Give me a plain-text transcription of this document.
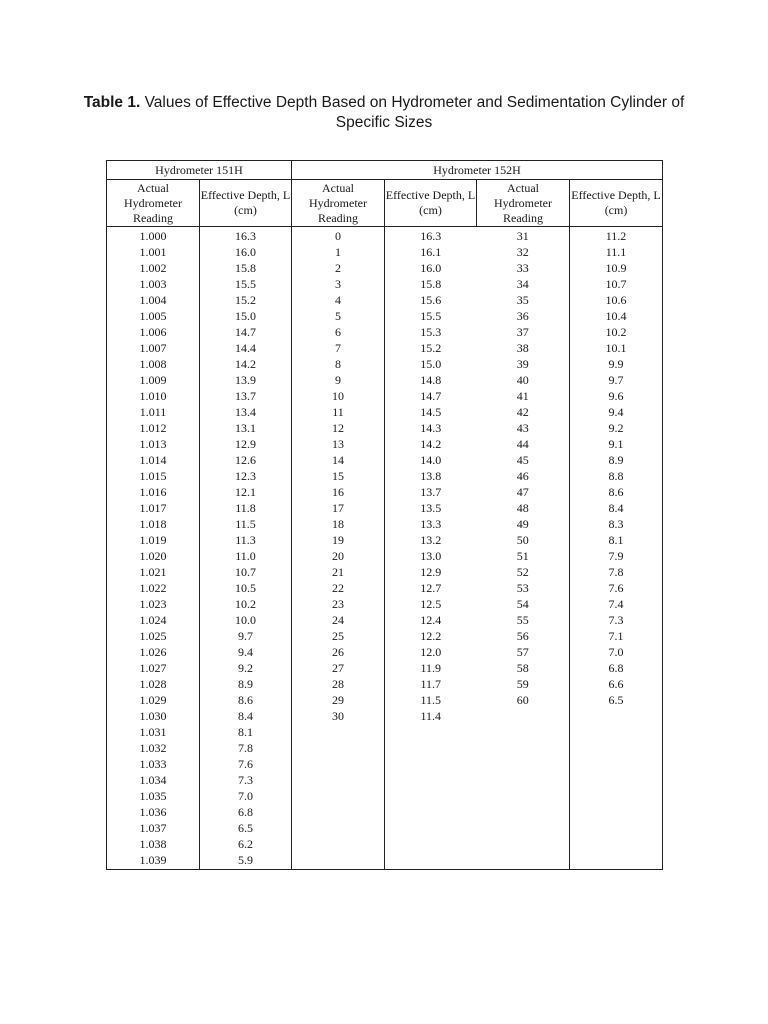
Table 1. Values of Effective Depth Based on Hydrometer and Sedimentation Cylinder of Specific Sizes
Hydrometer 151H		Hydrometer 152H			
Actual Hydrometer Reading	Effective Depth, L (cm)	Actual Hydrometer Reading	Effective Depth, L (cm)	Actual Hydrometer Reading	Effective Depth, L (cm)
1.000	16.3	0	16.3	31	11.2
1.001	16.0	1	16.1	32	11.1
1.002	15.8	2	16.0	33	10.9
1.003	15.5	3	15.8	34	10.7
1.004	15.2	4	15.6	35	10.6
1.005	15.0	5	15.5	36	10.4
1.006	14.7	6	15.3	37	10.2
1.007	14.4	7	15.2	38	10.1
1.008	14.2	8	15.0	39	9.9
1.009	13.9	9	14.8	40	9.7
1.010	13.7	10	14.7	41	9.6
1.011	13.4	11	14.5	42	9.4
1.012	13.1	12	14.3	43	9.2
1.013	12.9	13	14.2	44	9.1
1.014	12.6	14	14.0	45	8.9
1.015	12.3	15	13.8	46	8.8
1.016	12.1	16	13.7	47	8.6
1.017	11.8	17	13.5	48	8.4
1.018	11.5	18	13.3	49	8.3
1.019	11.3	19	13.2	50	8.1
1.020	11.0	20	13.0	51	7.9
1.021	10.7	21	12.9	52	7.8
1.022	10.5	22	12.7	53	7.6
1.023	10.2	23	12.5	54	7.4
1.024	10.0	24	12.4	55	7.3
1.025	9.7	25	12.2	56	7.1
1.026	9.4	26	12.0	57	7.0
1.027	9.2	27	11.9	58	6.8
1.028	8.9	28	11.7	59	6.6
1.029	8.6	29	11.5	60	6.5
1.030	8.4	30	11.4		
1.031	8.1				
1.032	7.8				
1.033	7.6				
1.034	7.3				
1.035	7.0				
1.036	6.8				
1.037	6.5				
1.038	6.2				
1.039	5.9				
